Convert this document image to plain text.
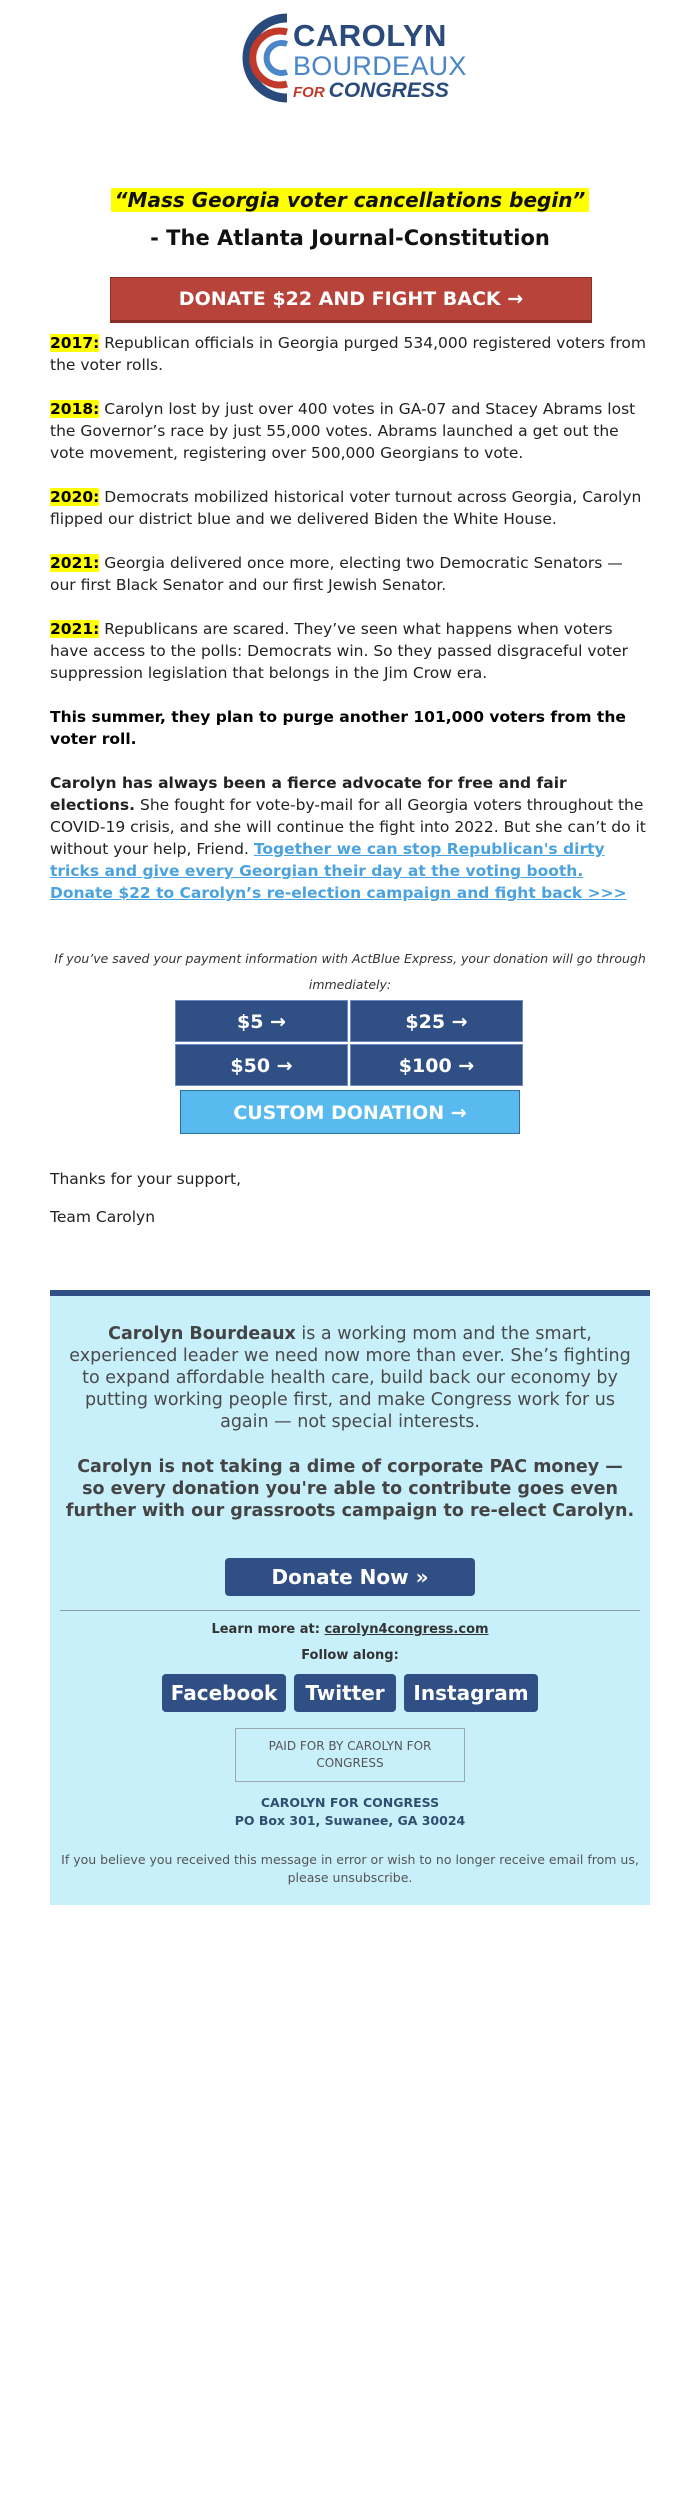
CAROLYN
BOURDEAUX
FOR CONGRESS
“Mass Georgia voter cancellations begin”
- The Atlanta Journal-Constitution
DONATE $22 AND FIGHT BACK →
2017: Republican officials in Georgia purged 534,000 registered voters from the voter rolls.
2018: Carolyn lost by just over 400 votes in GA-07 and Stacey Abrams lost the Governor’s race by just 55,000 votes. Abrams launched a get out the vote movement, registering over 500,000 Georgians to vote.
2020: Democrats mobilized historical voter turnout across Georgia, Carolyn flipped our district blue and we delivered Biden the White House.
2021: Georgia delivered once more, electing two Democratic Senators — our first Black Senator and our first Jewish Senator.
2021: Republicans are scared. They’ve seen what happens when voters have access to the polls: Democrats win. So they passed disgraceful voter suppression legislation that belongs in the Jim Crow era.
This summer, they plan to purge another 101,000 voters from the voter roll.
Carolyn has always been a fierce advocate for free and fair elections. She fought for vote-by-mail for all Georgia voters throughout the COVID-19 crisis, and she will continue the fight into 2022. But she can’t do it without your help, Friend. Together we can stop Republican's dirty tricks and give every Georgian their day at the voting booth. Donate $22 to Carolyn’s re-election campaign and fight back >>>
If you’ve saved your payment information with ActBlue Express, your donation will go through immediately:
$5 →	$25 →
$50 →	$100 →
CUSTOM DONATION →
Thanks for your support,
Team Carolyn
Carolyn Bourdeaux is a working mom and the smart, experienced leader we need now more than ever. She’s fighting to expand affordable health care, build back our economy by putting working people first, and make Congress work for us again — not special interests.
Carolyn is not taking a dime of corporate PAC money — so every donation you're able to contribute goes even further with our grassroots campaign to re-elect Carolyn.
Donate Now »
Learn more at: carolyn4congress.com
Follow along:
Facebook	Twitter	Instagram
PAID FOR BY CAROLYN FOR CONGRESS
CAROLYN FOR CONGRESS
PO Box 301, Suwanee, GA 30024
If you believe you received this message in error or wish to no longer receive email from us, please unsubscribe.
